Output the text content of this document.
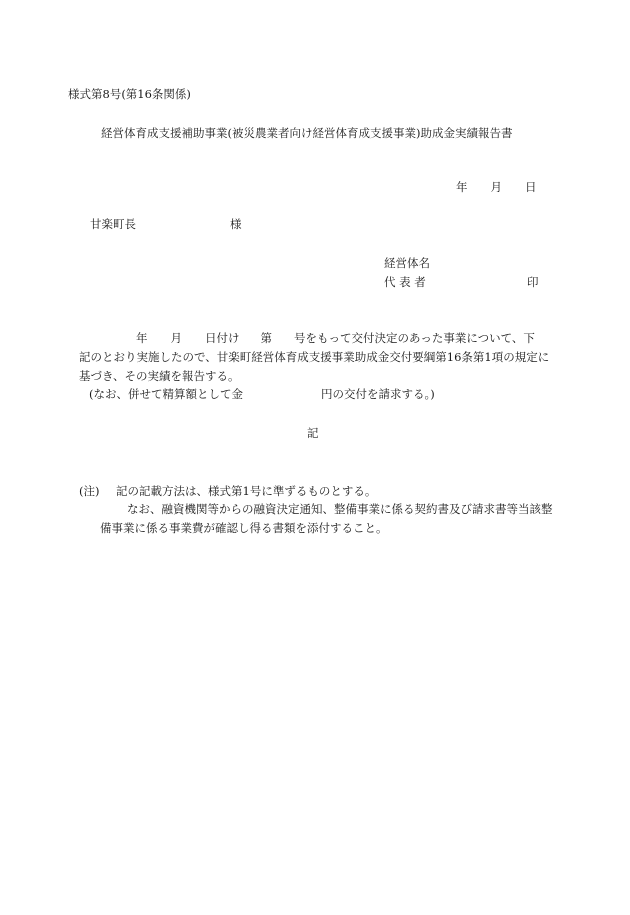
様式第8号(第16条関係)
経営体育成支援補助事業(被災農業者向け経営体育成支援事業)助成金実績報告書
年 月 日
甘楽町長	様
経営体名
代 表 者	印
年 月 日付け 第 号をもって交付決定のあった事業について、下
記のとおり実施したので、甘楽町経営体育成支援事業助成金交付要綱第16条第1項の規定に
基づき、その実績を報告する。
(なお、併せて精算額として金	円の交付を請求する。)
記
(注) 記の記載方法は、様式第1号に準ずるものとする。
なお、融資機関等からの融資決定通知、整備事業に係る契約書及び請求書等当該整
備事業に係る事業費が確認し得る書類を添付すること。
